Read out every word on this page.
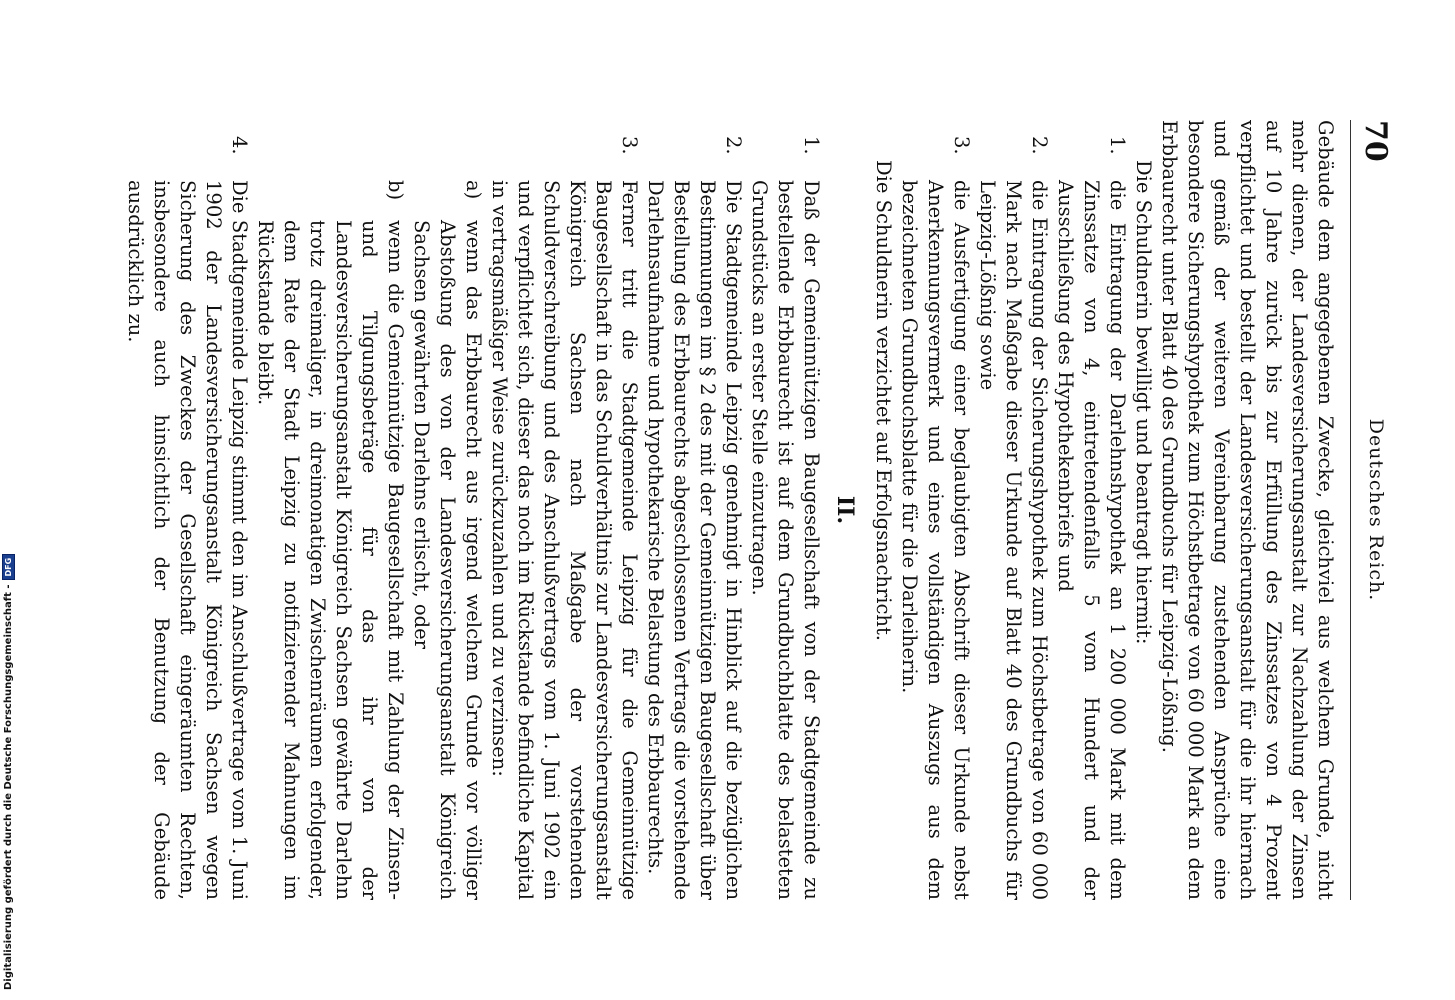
70
Deutsches Reich.

Gebäude dem angegebenen Zwecke, gleichviel aus welchem Grunde, nicht mehr dienen, der Landesversicherungsanstalt zur Nachzahlung der Zinsen auf 10 Jahre zurück bis zur Erfüllung des Zinssatzes von 4 Prozent verpflichtet und bestellt der Landesversicherungsanstalt für die ihr hiernach und gemäß der weiteren Vereinbarung zustehenden Ansprüche eine besondere Sicherungshypothek zum Höchstbetrage von 60 000 Mark an dem Erbbaurecht unter Blatt 40 des Grundbuchs für Leipzig-Lößnig.

Die Schuldnerin bewilligt und beantragt hiermit:

1.
die Eintragung der Darlehnshypothek an 1 200 000 Mark mit dem Zinssatze von 4, eintretendenfalls 5 vom Hundert und der Ausschließung des Hypothekenbriefs und
2.
die Eintragung der Sicherungshypothek zum Höchstbetrage von 60 000 Mark nach Maßgabe dieser Urkunde auf Blatt 40 des Grundbuchs für Leipzig-Lößnig sowie
3.
die Ausfertigung einer beglaubigten Abschrift dieser Urkunde nebst Anerkennungsvermerk und eines vollständigen Auszugs aus dem bezeichneten Grundbuchsblatte für die Darleiherin.

Die Schuldnerin verzichtet auf Erfolgsnachricht.

II.
1.
Daß der Gemeinnützigen Baugesellschaft von der Stadtgemeinde zu bestellende Erbbaurecht ist auf dem Grundbuchblatte des belasteten Grundstücks an erster Stelle einzutragen.
2.
Die Stadtgemeinde Leipzig genehmigt in Hinblick auf die bezüglichen Bestimmungen im § 2 des mit der Gemeinnützigen Baugesellschaft über Bestellung des Erbbaurechts abgeschlossenen Vertrags die vorstehende Darlehnsaufnahme und hypothekarische Belastung des Erbbaurechts.
3.
Ferner tritt die Stadtgemeinde Leipzig für die Gemeinnützige Baugesellschaft in das Schuldverhältnis zur Landesversicherungsanstalt Königreich Sachsen nach Maßgabe der vorstehenden Schuldverschreibung und des Anschlußvertrags vom 1. Juni 1902 ein und verpflichtet sich, dieser das noch im Rückstande befindliche Kapital in vertragsmäßiger Weise zurückzuzahlen und zu verzinsen:
a)
wenn das Erbbaurecht aus irgend welchem Grunde vor völliger Abstoßung des von der Landesversicherungsanstalt Königreich Sachsen gewährten Darlehns erlischt, oder
b)
wenn die Gemeinnützige Baugesellschaft mit Zahlung der Zinsen- und Tilgungsbeträge für das ihr von der Landesversicherungsanstalt Königreich Sachsen gewährte Darlehn trotz dreimaliger, in dreimonatigen Zwischenräumen erfolgender, dem Rate der Stadt Leipzig zu notifizierender Mahnungen im Rückstande bleibt.
4.
Die Stadtgemeinde Leipzig stimmt den im Anschlußvertrage vom 1. Juni 1902 der Landesversicherungsanstalt Königreich Sachsen wegen Sicherung des Zweckes der Gesellschaft eingeräumten Rechten, insbesondere auch hinsichtlich der Benutzung der Gebäude ausdrücklich zu.
Digitalisierung gefördert durch die Deutsche Forschungsgemeinschaft -
DFG
